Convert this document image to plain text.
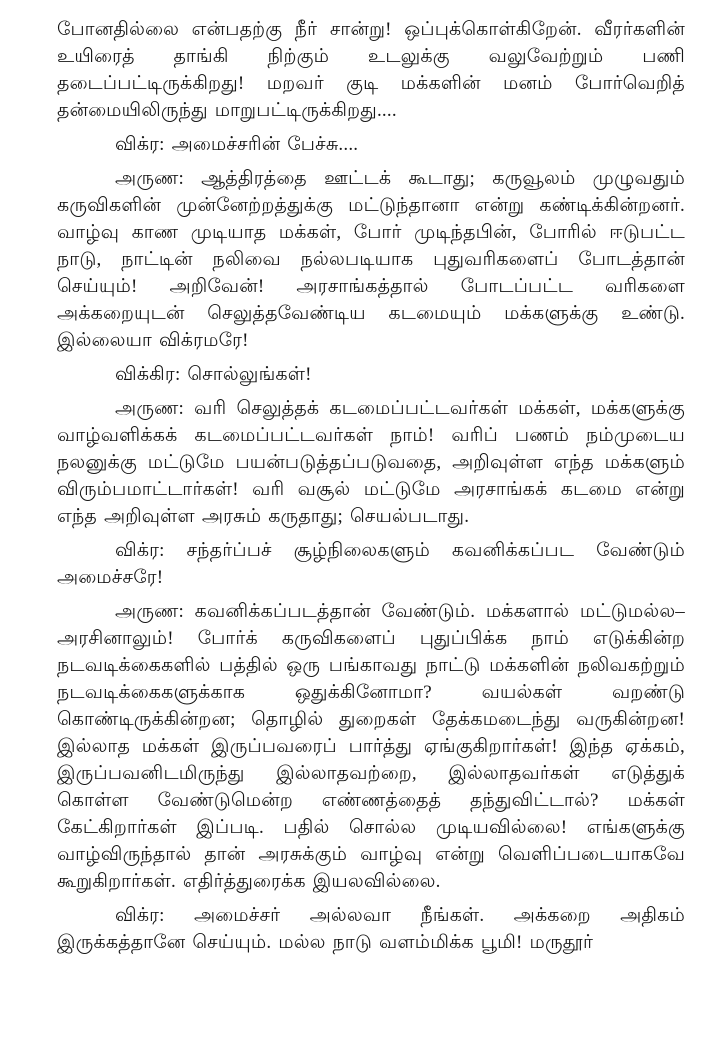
போனதில்லை என்பதற்கு நீர் சான்று! ஒப்புக்கொள்கிறேன். வீரர்களின் உயிரைத் தாங்கி நிற்கும் உடலுக்கு வலுவேற்றும் பணி தடைப்பட்டிருக்கிறது! மறவர் குடி மக்களின் மனம் போர்வெறித் தன்மையிலிருந்து மாறுபட்டிருக்கிறது....

விக்ர: அமைச்சரின் பேச்சு....

அருண: ஆத்திரத்தை ஊட்டக் கூடாது; கருவூலம் முழுவதும் கருவிகளின் முன்னேற்றத்துக்கு மட்டுந்தானா என்று கண்டிக்கின்றனர். வாழ்வு காண முடியாத மக்கள், போர் முடிந்தபின், போரில் ஈடுபட்ட நாடு, நாட்டின் நலிவை நல்லபடியாக புதுவரிகளைப் போடத்தான் செய்யும்! அறிவேன்! அரசாங்கத்தால் போடப்பட்ட வரிகளை அக்கறையுடன் செலுத்தவேண்டிய கடமையும் மக்களுக்கு உண்டு. இல்லையா விக்ரமரே!

விக்கிர: சொல்லுங்கள்!

அருண: வரி செலுத்தக் கடமைப்பட்டவர்கள் மக்கள், மக்களுக்கு வாழ்வளிக்கக் கடமைப்பட்டவர்கள் நாம்! வரிப் பணம் நம்முடைய நலனுக்கு மட்டுமே பயன்படுத்தப்படுவதை, அறிவுள்ள எந்த மக்களும் விரும்பமாட்டார்கள்! வரி வசூல் மட்டுமே அரசாங்கக் கடமை என்று எந்த அறிவுள்ள அரசும் கருதாது; செயல்படாது.

விக்ர: சந்தர்ப்பச் சூழ்நிலைகளும் கவனிக்கப்பட வேண்டும் அமைச்சரே!

அருண: கவனிக்கப்படத்தான் வேண்டும். மக்களால் மட்டுமல்ல–அரசினாலும்! போர்க் கருவிகளைப் புதுப்பிக்க நாம் எடுக்கின்ற நடவடிக்கைகளில் பத்தில் ஒரு பங்காவது நாட்டு மக்களின் நலிவகற்றும் நடவடிக்கைகளுக்காக ஒதுக்கினோமா? வயல்கள் வறண்டு கொண்டிருக்கின்றன; தொழில் துறைகள் தேக்கமடைந்து வருகின்றன! இல்லாத மக்கள் இருப்பவரைப் பார்த்து ஏங்குகிறார்கள்! இந்த ஏக்கம், இருப்பவனிடமிருந்து இல்லாதவற்றை, இல்லாதவர்கள் எடுத்துக் கொள்ள வேண்டுமென்ற எண்ணத்தைத் தந்துவிட்டால்? மக்கள் கேட்கிறார்கள் இப்படி. பதில் சொல்ல முடியவில்லை! எங்களுக்கு வாழ்விருந்தால் தான் அரசுக்கும் வாழ்வு என்று வெளிப்படையாகவே கூறுகிறார்கள். எதிர்த்துரைக்க இயலவில்லை.

விக்ர: அமைச்சர் அல்லவா நீங்கள். அக்கறை அதிகம் இருக்கத்தானே செய்யும். மல்ல நாடு வளம்மிக்க பூமி! மருதூர்
